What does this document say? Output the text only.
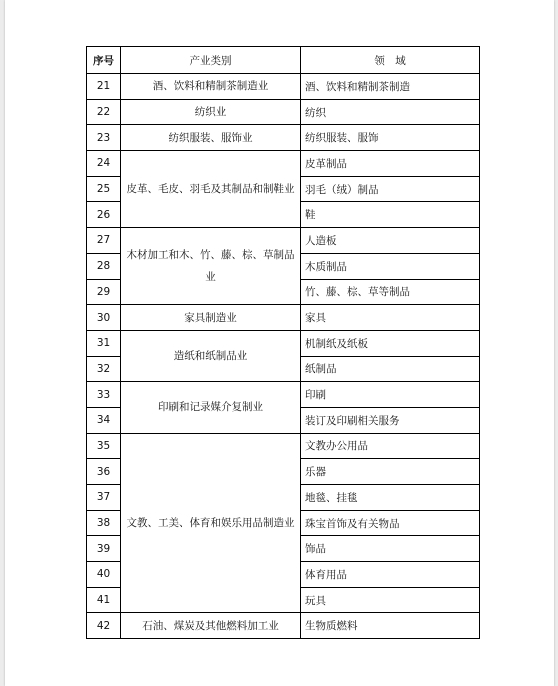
序号	产业类别	领　域
21	酒、饮料和精制茶制造业	酒、饮料和精制茶制造
22	纺织业	纺织
23	纺织服装、服饰业	纺织服装、服饰
24	皮革、毛皮、羽毛及其制品和制鞋业	皮革制品
25		羽毛（绒）制品
26		鞋
27	木材加工和木、竹、藤、棕、草制品业	人造板
28		木质制品
29		竹、藤、棕、草等制品
30	家具制造业	家具
31	造纸和纸制品业	机制纸及纸板
32		纸制品
33	印刷和记录媒介复制业	印刷
34		装订及印刷相关服务
35	文教、工美、体育和娱乐用品制造业	文教办公用品
36		乐器
37		地毯、挂毯
38		珠宝首饰及有关物品
39		饰品
40		体育用品
41		玩具
42	石油、煤炭及其他燃料加工业	生物质燃料
